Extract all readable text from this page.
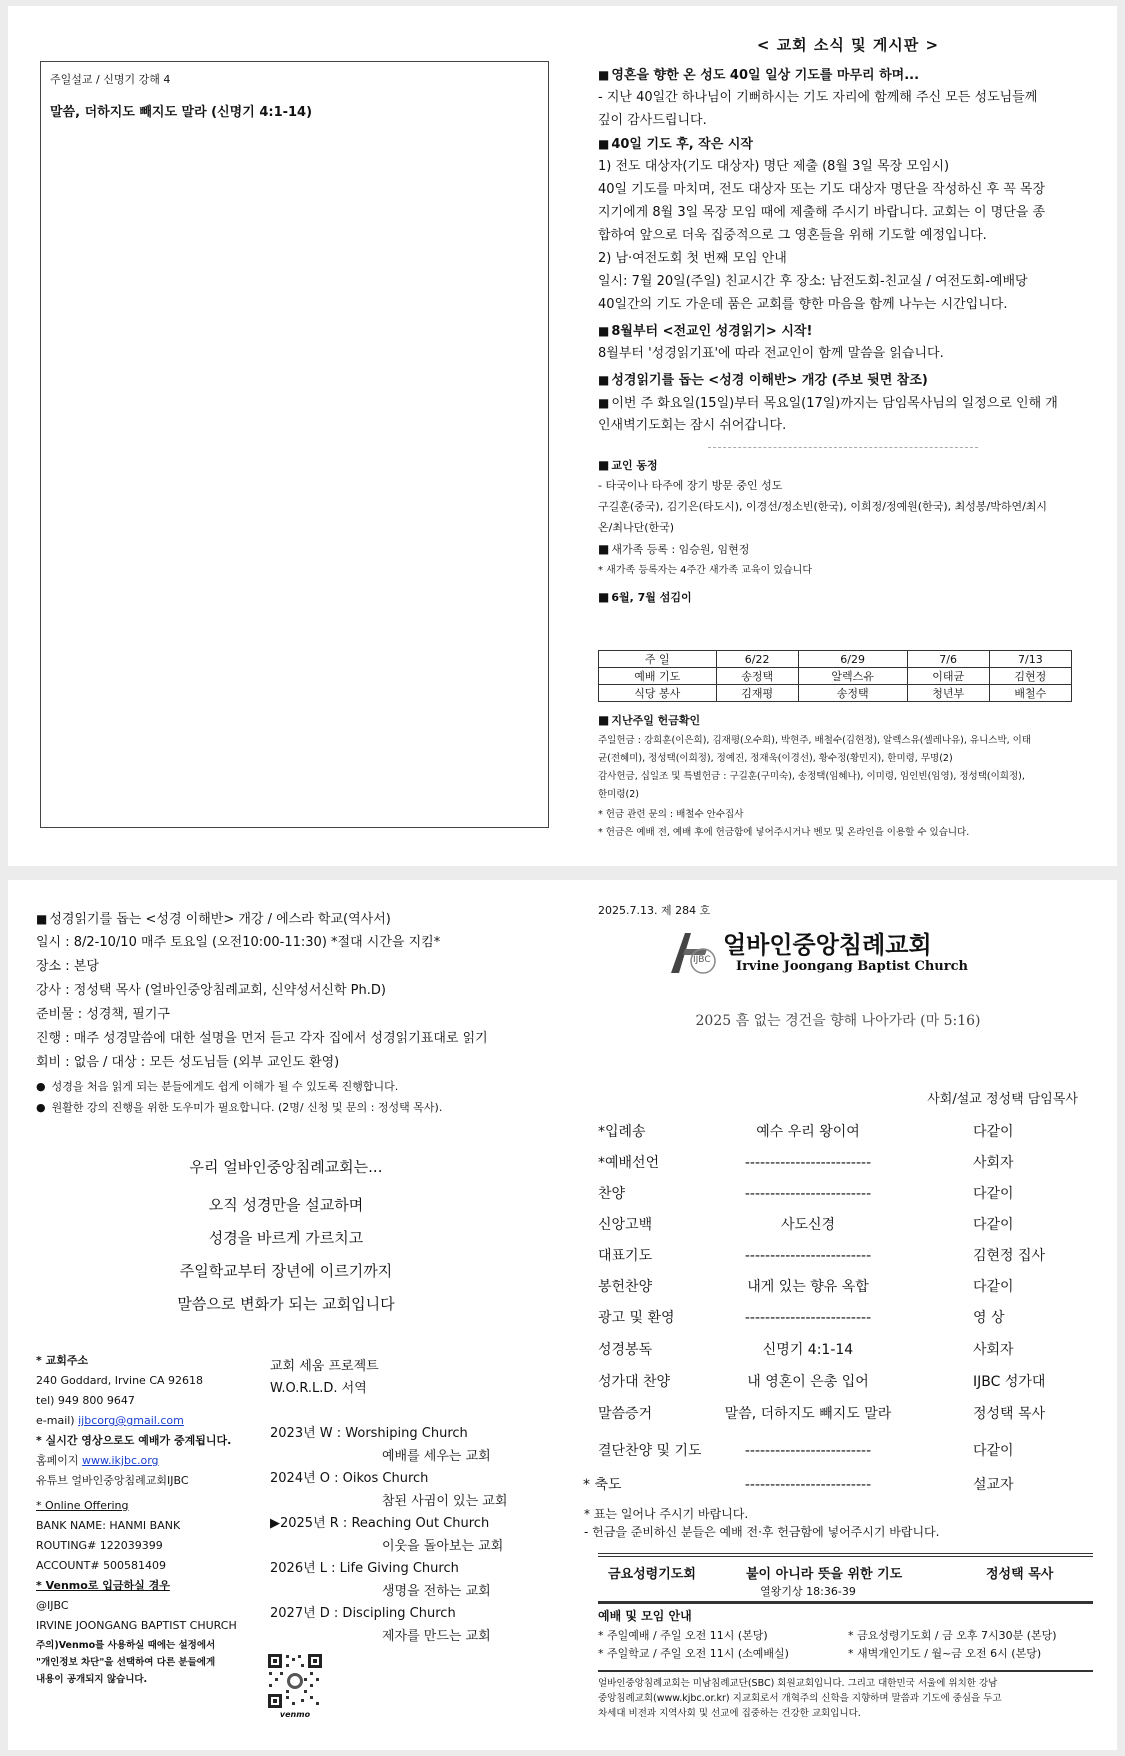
주일설교 / 신명기 강해 4
말씀, 더하지도 빼지도 말라 (신명기 4:1-14)
< 교회 소식 및 게시판 >
■ 영혼을 향한 온 성도 40일 일상 기도를 마무리 하며...
- 지난 40일간 하나님이 기뻐하시는 기도 자리에 함께해 주신 모든 성도님들께
깊이 감사드립니다.
■ 40일 기도 후, 작은 시작
1) 전도 대상자(기도 대상자) 명단 제출 (8월 3일 목장 모임시)
40일 기도를 마치며, 전도 대상자 또는 기도 대상자 명단을 작성하신 후 꼭 목장
지기에게 8월 3일 목장 모임 때에 제출해 주시기 바랍니다. 교회는 이 명단을 종
합하여 앞으로 더욱 집중적으로 그 영혼들을 위해 기도할 예정입니다.
2) 남·여전도회 첫 번째 모임 안내
일시: 7월 20일(주일) 친교시간 후 장소: 남전도회-친교실 / 여전도회-예배당
40일간의 기도 가운데 품은 교회를 향한 마음을 함께 나누는 시간입니다.
■ 8월부터 <전교인 성경읽기> 시작!
8월부터 '성경읽기표'에 따라 전교인이 함께 말씀을 읽습니다.
■ 성경읽기를 돕는 <성경 이해반> 개강 (주보 뒷면 참조)
■ 이번 주 화요일(15일)부터 목요일(17일)까지는 담임목사님의 일정으로 인해 개
인새벽기도회는 잠시 쉬어갑니다.
■ 교인 동정
- 타국이나 타주에 장기 방문 중인 성도
구길훈(중국), 김기은(타도시), 이경선/정소빈(한국), 이희정/정예원(한국), 최성봉/박하연/최시
온/최나단(한국)
■ 새가족 등록 : 임승원, 임현정
* 새가족 등록자는 4주간 새가족 교육이 있습니다
■ 6월, 7월 섬김이
주 일	6/22	6/29	7/6	7/13
예배 기도	송정택	알렉스유	이태균	김현정
식당 봉사	김재평	송정택	청년부	배철수
■ 지난주일 헌금확인
주일헌금 : 강희훈(이은희), 김재평(오수희), 박현주, 배철수(김현정), 알렉스유(셀레나유), 유니스박, 이태
균(전혜미), 정성택(이희정), 정예진, 정재욱(이경선), 황수정(황민지), 한미령, 무명(2)
감사헌금, 십일조 및 특별헌금 : 구길훈(구미숙), 송정택(임혜나), 이미령, 임인빈(임영), 정성택(이희정),
한미령(2)
* 헌금 관련 문의 : 배철수 안수집사
* 헌금은 예배 전, 예배 후에 헌금함에 넣어주시거나 벤모 및 온라인을 이용할 수 있습니다.
■ 성경읽기를 돕는 <성경 이해반> 개강 / 에스라 학교(역사서)
일시 : 8/2-10/10 매주 토요일 (오전10:00-11:30) *절대 시간을 지킴*
장소 : 본당
강사 : 정성택 목사 (얼바인중앙침례교회, 신약성서신학 Ph.D)
준비물 : 성경책, 필기구
진행 : 매주 성경말씀에 대한 설명을 먼저 듣고 각자 집에서 성경읽기표대로 읽기
회비 : 없음 / 대상 : 모든 성도님들 (외부 교인도 환영)
● 성경을 처음 읽게 되는 분들에게도 쉽게 이해가 될 수 있도록 진행합니다.
● 원활한 강의 진행을 위한 도우미가 필요합니다. (2명/ 신청 및 문의 : 정성택 목사).
우리 얼바인중앙침례교회는...
오직 성경만을 설교하며
성경을 바르게 가르치고
주일학교부터 장년에 이르기까지
말씀으로 변화가 되는 교회입니다
* 교회주소
240 Goddard, Irvine CA 92618
tel) 949 800 9647
e-mail) ijbcorg@gmail.com
* 실시간 영상으로도 예배가 중계됩니다.
홈페이지 www.ikjbc.org
유튜브 얼바인중앙침례교회IJBC
* Online Offering
BANK NAME: HANMI BANK
ROUTING# 122039399
ACCOUNT# 500581409
* Venmo로 입금하실 경우
@IJBC
IRVINE JOONGANG BAPTIST CHURCH
주의)Venmo를 사용하실 때에는 설정에서
"개인정보 차단"을 선택하여 다른 분들에게
내용이 공개되지 않습니다.
교회 세움 프로젝트
W.O.R.L.D. 서역
2023년 W : Worshiping Church
예배를 세우는 교회
2024년 O : Oikos Church
참된 사귐이 있는 교회
▶2025년 R : Reaching Out Church
이웃을 돌아보는 교회
2026년 L : Life Giving Church
생명을 전하는 교회
2027년 D : Discipling Church
제자를 만드는 교회
venmo
2025.7.13. 제 284 호
IJBC
얼바인중앙침례교회
Irvine Joongang Baptist Church
2025 흠 없는 경건을 향해 나아가라 (마 5:16)
사회/설교 정성택 담임목사
*입례송	예수 우리 왕이여	다같이
*예배선언	-------------------------	사회자
찬양	-------------------------	다같이
신앙고백	사도신경	다같이
대표기도	-------------------------	김현정 집사
봉헌찬양	내게 있는 향유 옥합	다같이
광고 및 환영	-------------------------	영 상
성경봉독	신명기 4:1-14	사회자
성가대 찬양	내 영혼이 은총 입어	IJBC 성가대
말씀증거	말씀, 더하지도 빼지도 말라	정성택 목사
결단찬양 및 기도	-------------------------	다같이
* 축도	-------------------------	설교자
* 표는 일어나 주시기 바랍니다.
- 헌금을 준비하신 분들은 예배 전·후 헌금함에 넣어주시기 바랍니다.
금요성령기도회	불이 아니라 뜻을 위한 기도	정성택 목사
열왕기상 18:36-39
예배 및 모임 안내
* 주일예배 / 주일 오전 11시 (본당)	* 금요성령기도회 / 금 오후 7시30분 (본당)
* 주일학교 / 주일 오전 11시 (소예배실)	* 새벽개인기도 / 월~금 오전 6시 (본당)
얼바인중앙침례교회는 미남침례교단(SBC) 회원교회입니다. 그리고 대한민국 서울에 위치한 강남
중앙침례교회(www.kjbc.or.kr) 지교회로서 개혁주의 신학을 지향하며 말씀과 기도에 중심을 두고
차세대 비전과 지역사회 및 선교에 집중하는 건강한 교회입니다.
